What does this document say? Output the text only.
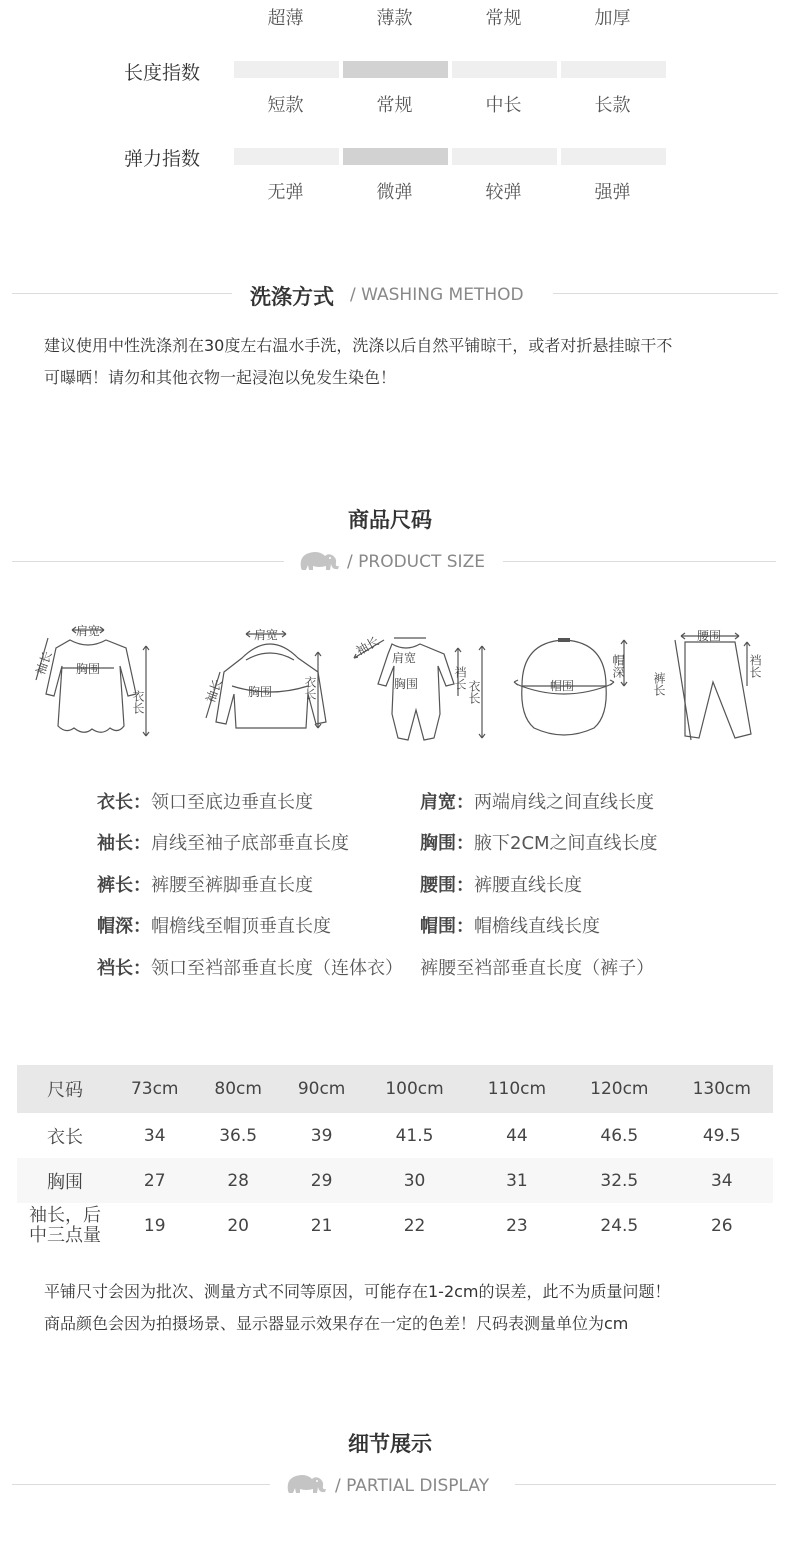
超薄	薄款	常规	加厚
长度指数
短款	常规	中长	长款
弹力指数
无弹	微弹	较弹	强弹
洗涤方式 / WASHING METHOD
建议使用中性洗涤剂在30度左右温水手洗，洗涤以后自然平铺晾干，或者对折悬挂晾干不
可曝晒！请勿和其他衣物一起浸泡以免发生染色！
商品尺码
/ PRODUCT SIZE
肩宽
胸围
袖长
衣长
肩宽
胸围
袖长	衣长
袖长 肩宽
胸围	裆长
衣长	帽围
帽深
腰围
裤长
裆长
衣长：领口至底边垂直长度	肩宽：两端肩线之间直线长度
袖长：肩线至袖子底部垂直长度	胸围：腋下2CM之间直线长度
裤长：裤腰至裤脚垂直长度	腰围：裤腰直线长度
帽深：帽檐线至帽顶垂直长度	帽围：帽檐线直线长度
裆长：领口至裆部垂直长度（连体衣）   裤腰至裆部垂直长度（裤子）
尺码	73cm	80cm	90cm	100cm	110cm	120cm	130cm
衣长	34	36.5	39	41.5	44	46.5	49.5
胸围	27	28	29	30	31	32.5	34

袖长，后
中三点量	19	20	21	22	23	24.5	26
平铺尺寸会因为批次、测量方式不同等原因，可能存在1-2cm的误差，此不为质量问题！
商品颜色会因为拍摄场景、显示器显示效果存在一定的色差！尺码表测量单位为cm
细节展示
/ PARTIAL DISPLAY
